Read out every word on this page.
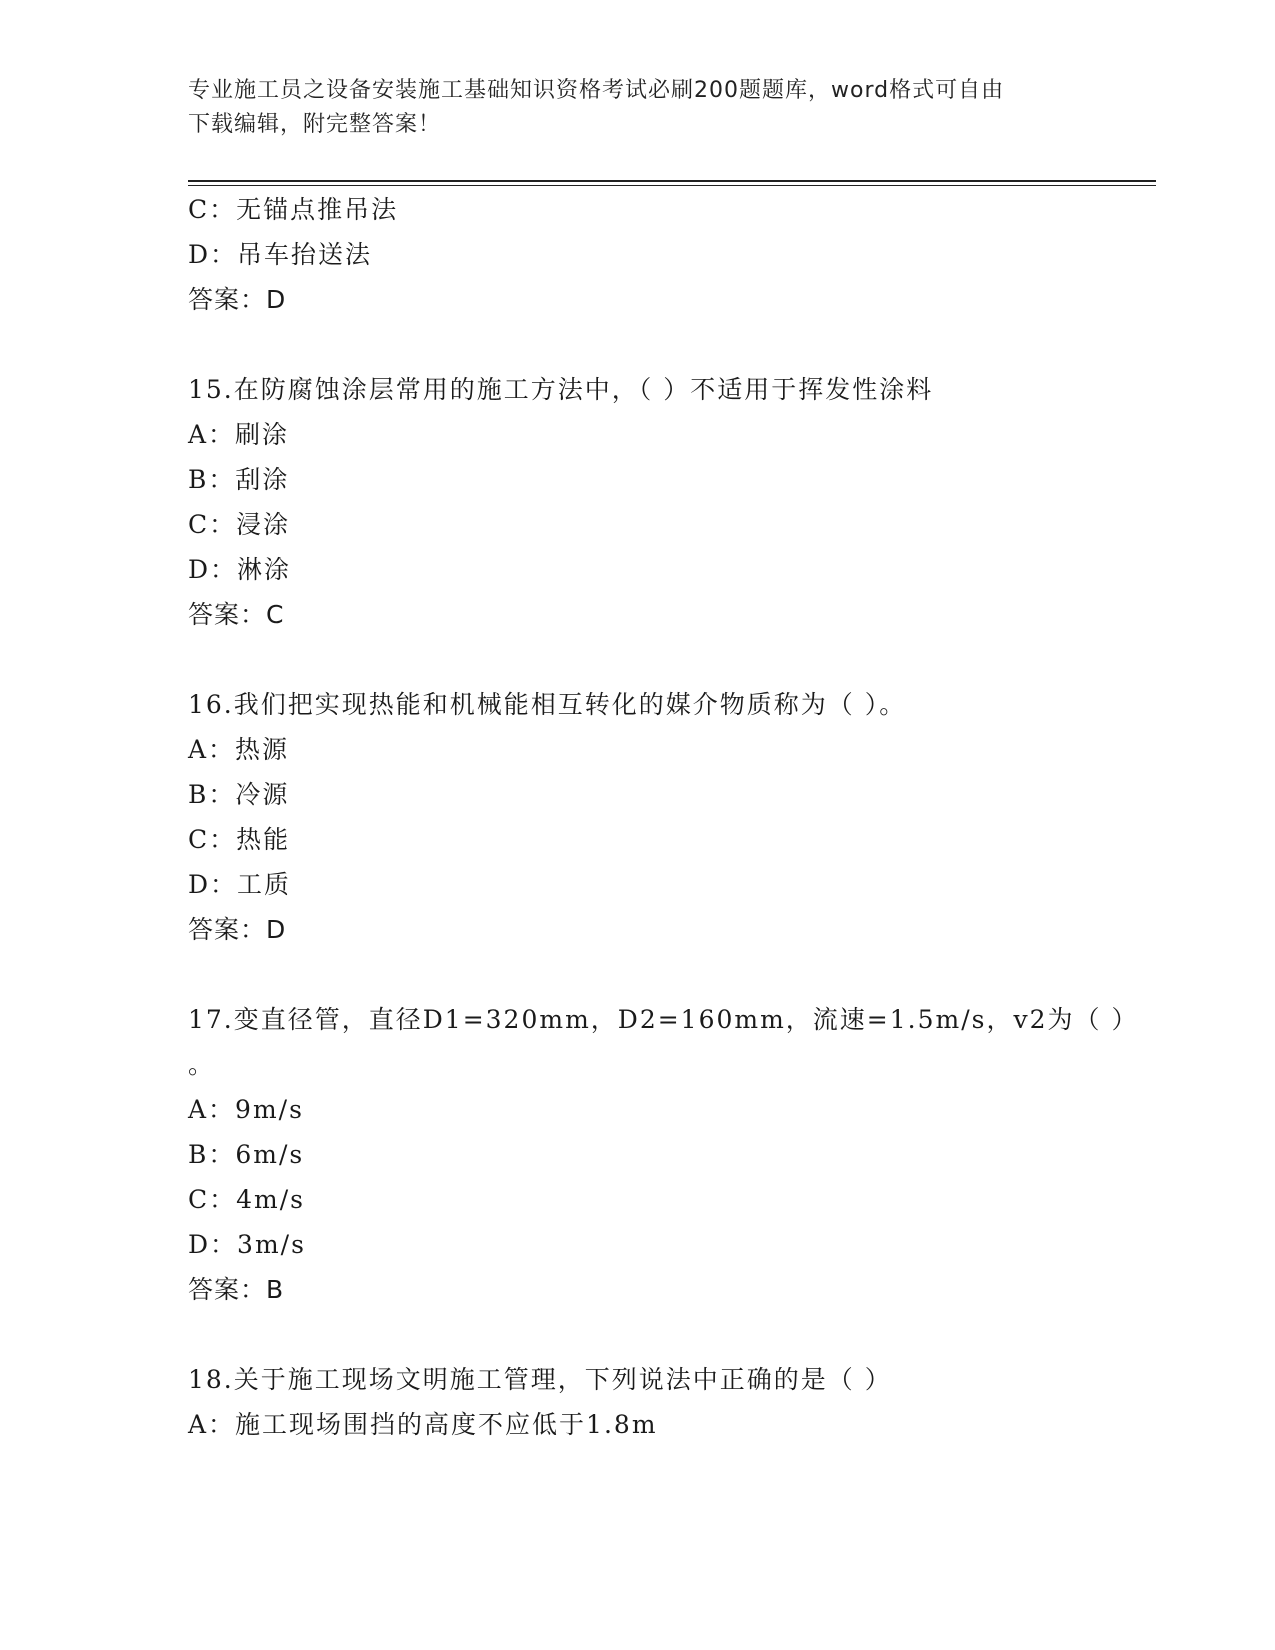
专业施工员之设备安装施工基础知识资格考试必刷200题题库，word格式可自由
下载编辑，附完整答案！
C：无锚点推吊法
D：吊车抬送法
答案：D
15.在防腐蚀涂层常用的施工方法中，（ ）不适用于挥发性涂料
A：刷涂
B：刮涂
C：浸涂
D：淋涂
答案：C
16.我们把实现热能和机械能相互转化的媒介物质称为（ ）。
A：热源
B：冷源
C：热能
D：工质
答案：D
17.变直径管，直径D1=320mm，D2=160mm，流速=1.5m/s，v2为（ ）
。
A：9m/s
B：6m/s
C：4m/s
D：3m/s
答案：B
18.关于施工现场文明施工管理，下列说法中正确的是（ ）
A：施工现场围挡的高度不应低于1.8m
